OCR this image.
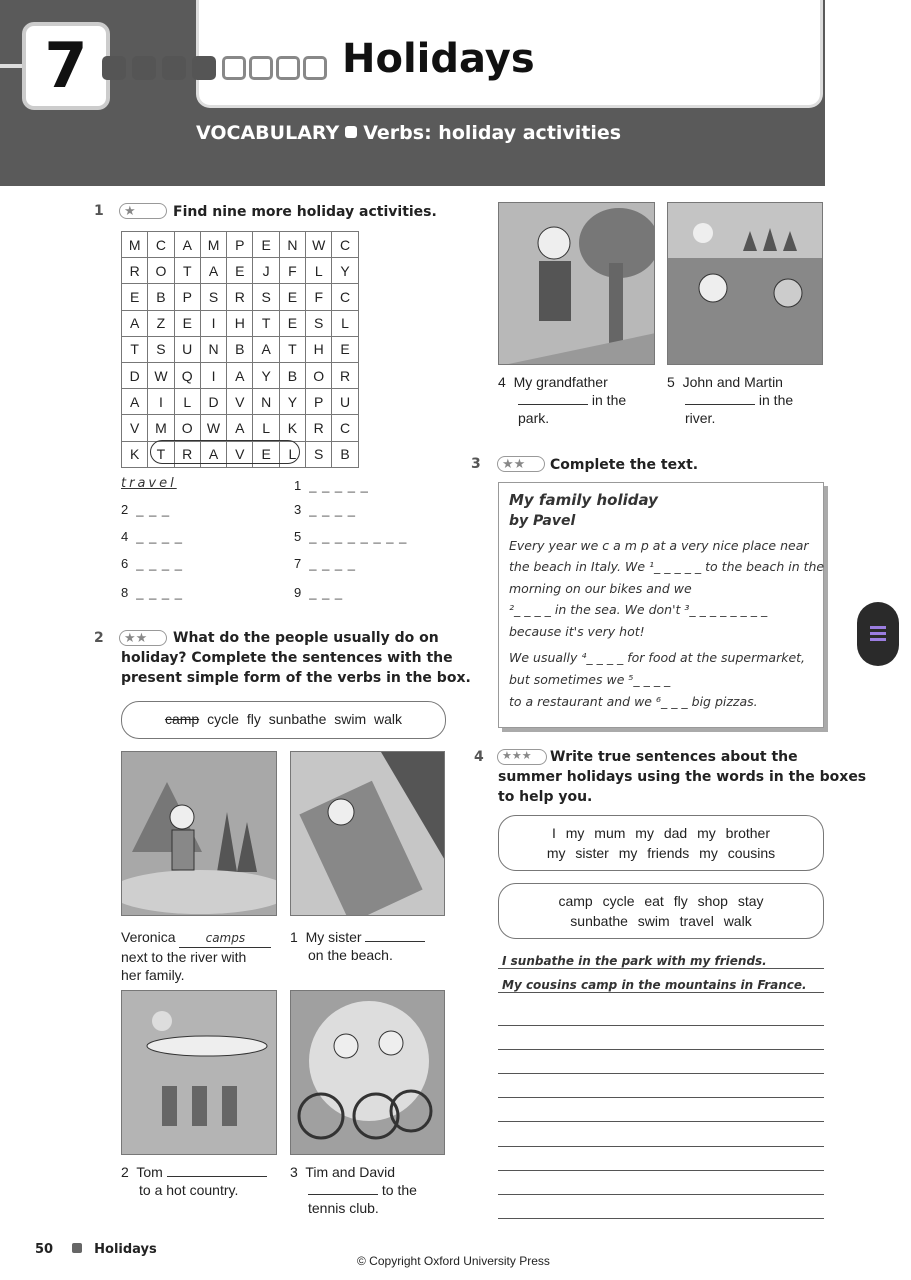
7	Holidays
VOCABULARY Verbs: holiday activities
1	★	Find nine more holiday activities.
M	C	A	M	P	E	N	W	C
R	O	T	A	E	J	F	L	Y
E	B	P	S	R	S	E	F	C
A	Z	E	I	H	T	E	S	L
T	S	U	N	B	A	T	H	E
D	W	Q	I	A	Y	B	O	R
A	I	L	D	V	N	Y	P	U
V	M	O	W	A	L	K	R	C
K	T	R	A	V	E	L	S	B
travel	1 _ _ _ _ _
2 _ _ _	3 _ _ _ _
4 _ _ _ _	5 _ _ _ _ _ _ _ _
6 _ _ _ _	7 _ _ _ _
8 _ _ _ _	9 _ _ _
2	★★	What do the people usually do on
holiday? Complete the sentences with the
present simple form of the verbs in the box.
camp cycle fly sunbathe swim walk
Veronica	camps
next to the river with
her family.
1 My sister
on the beach.
2 Tom
to a hot country.
3 Tim and David
to the
tennis club.
4 My grandfather
in the
park.
5 John and Martin
in the
river.
3	★★	Complete the text.
My family holiday
by Pavel
Every year we c a m p at a very nice place near
the beach in Italy. We ¹_ _ _ _ _ to the beach in the
morning on our bikes and we
²_ _ _ _ in the sea. We don't ³_ _ _ _ _ _ _ _
because it's very hot!
We usually ⁴_ _ _ _ for food at the supermarket,
but sometimes we ⁵_ _ _ _
to a restaurant and we ⁶_ _ _ big pizzas.
4	★★★	Write true sentences about the
summer holidays using the words in the boxes
to help you.
I my mum my dad my brother
my sister my friends my cousins
camp cycle eat fly shop stay
sunbathe swim travel walk
I sunbathe in the park with my friends.
My cousins camp in the mountains in France.
50	Holidays
© Copyright Oxford University Press
